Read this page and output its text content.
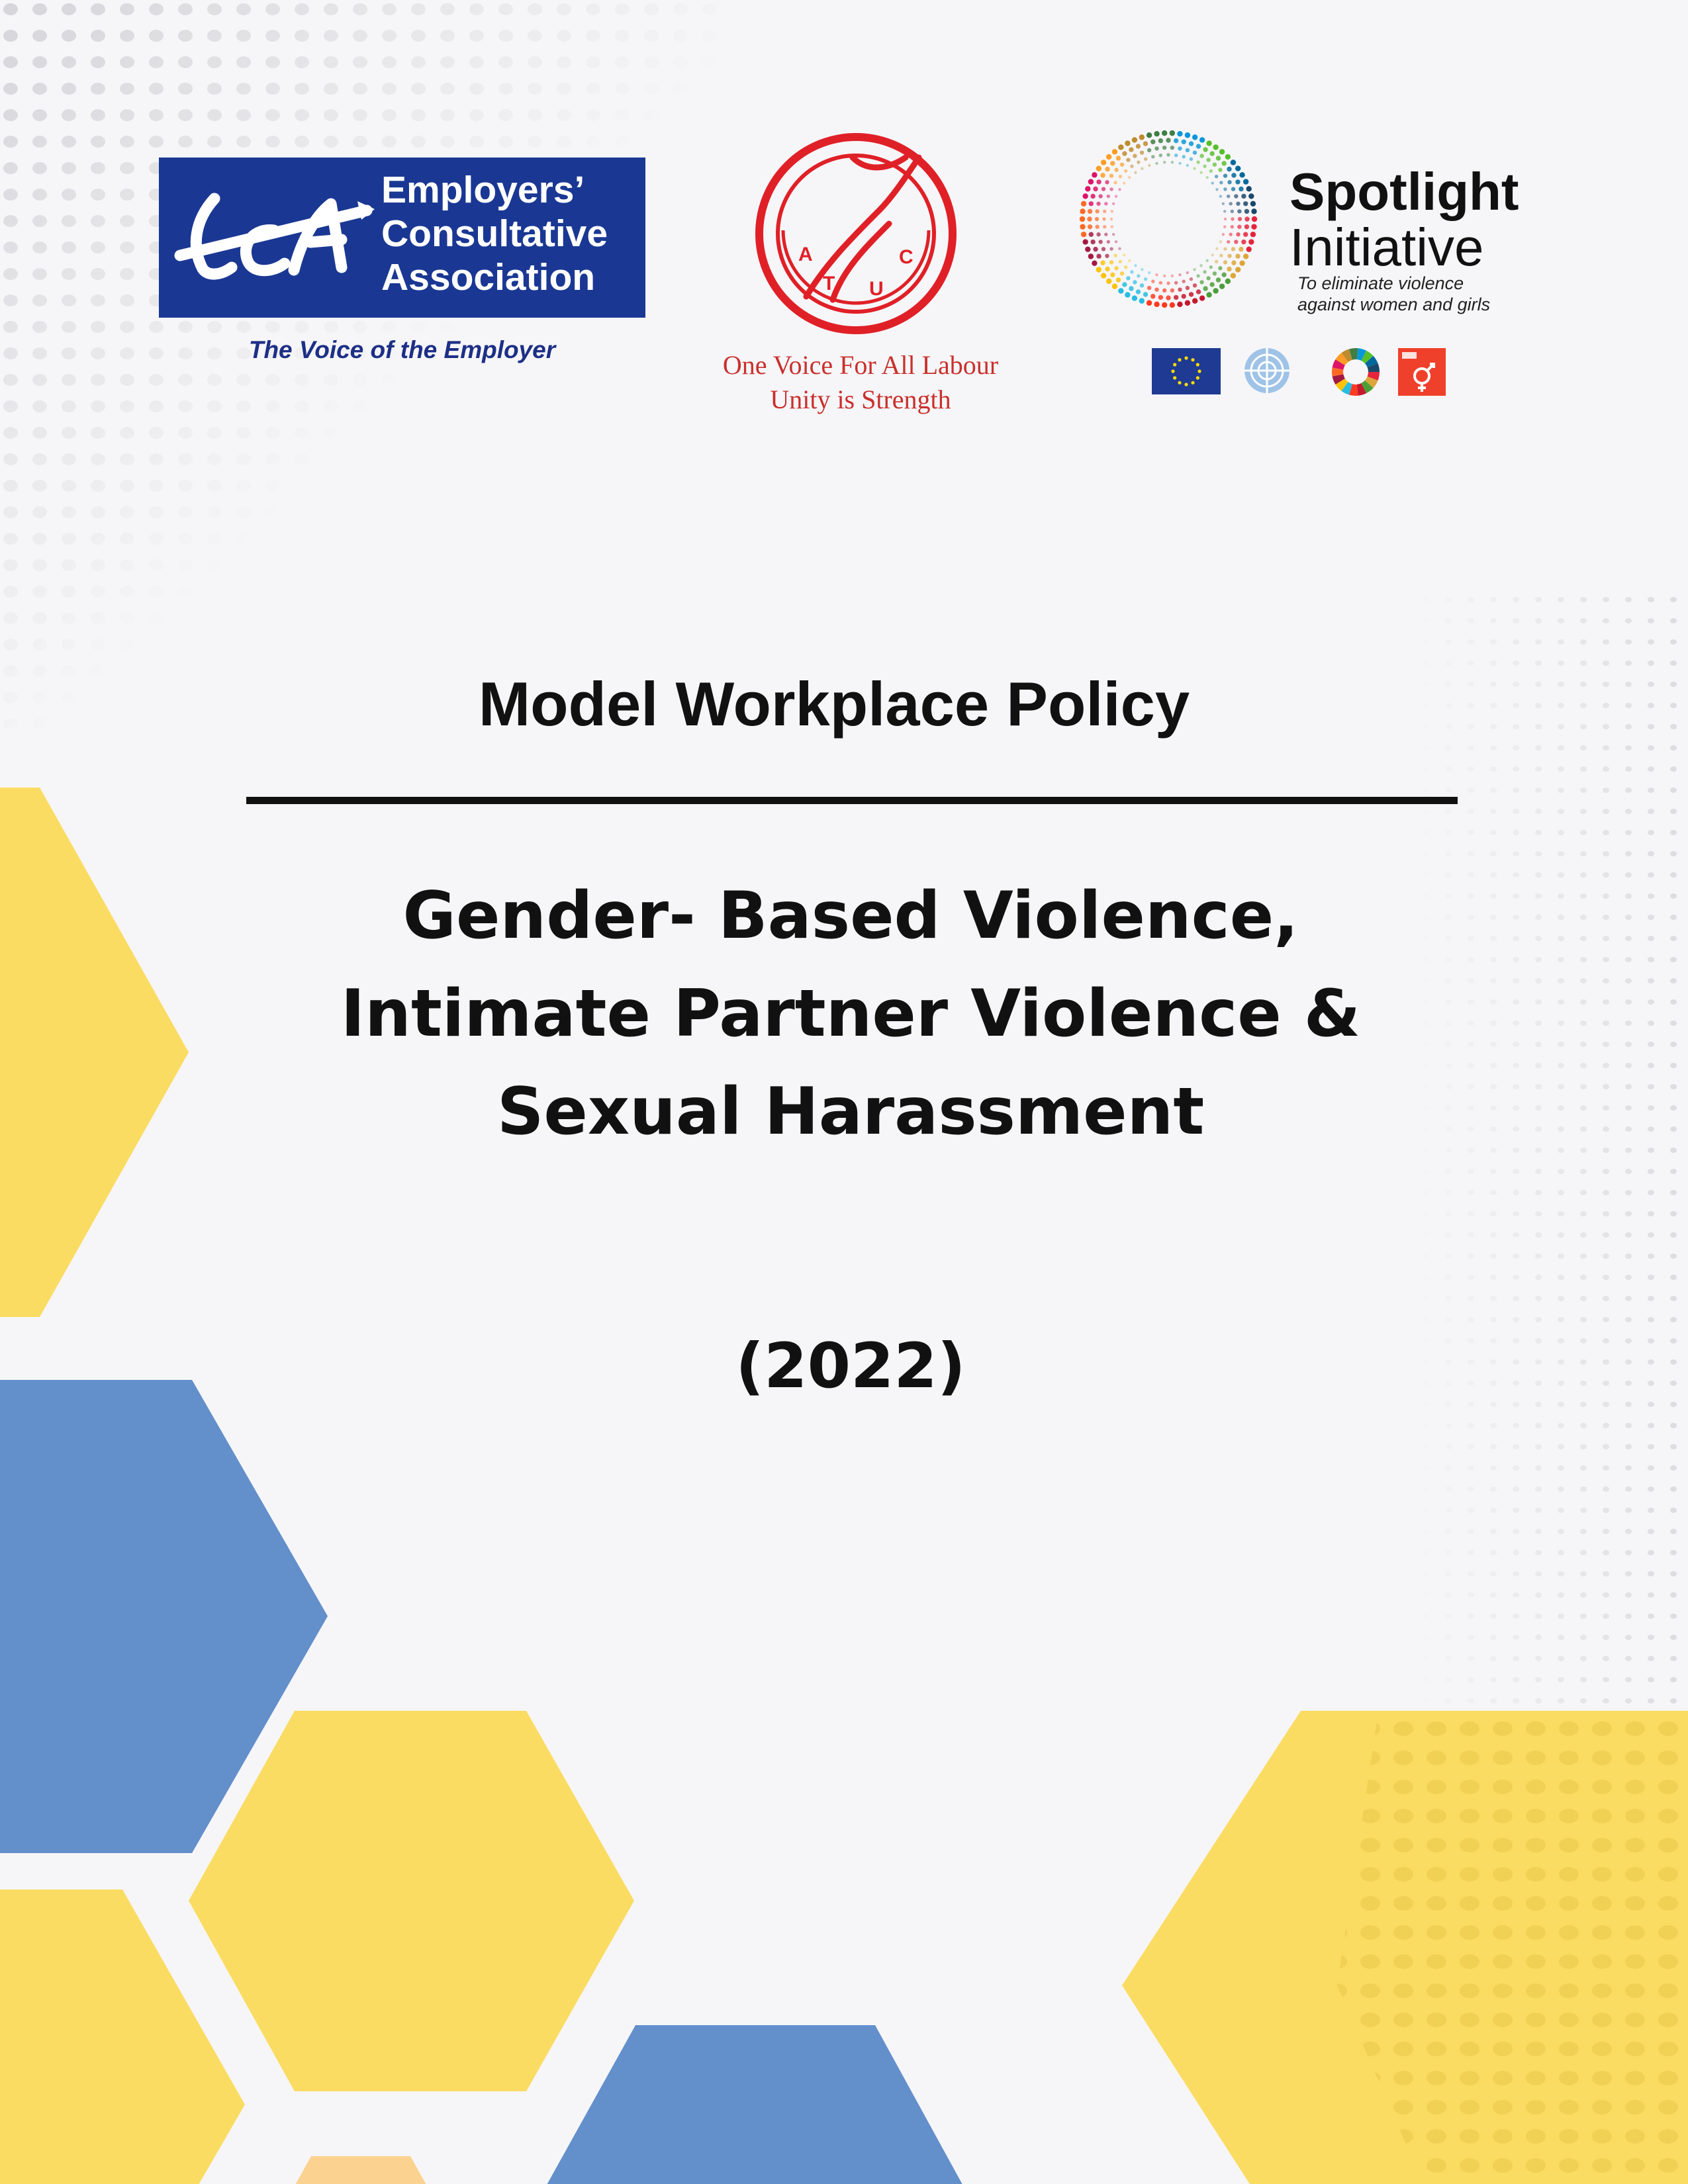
Employers’
Consultative
Association
The Voice of the Employer
A
T U
C
One Voice For All Labour
Unity is Strength
Spotlight
Initiative
To eliminate violence
against women and girls
Model Workplace Policy
Gender- Based Violence,
Intimate Partner Violence &
Sexual Harassment
(2022)
